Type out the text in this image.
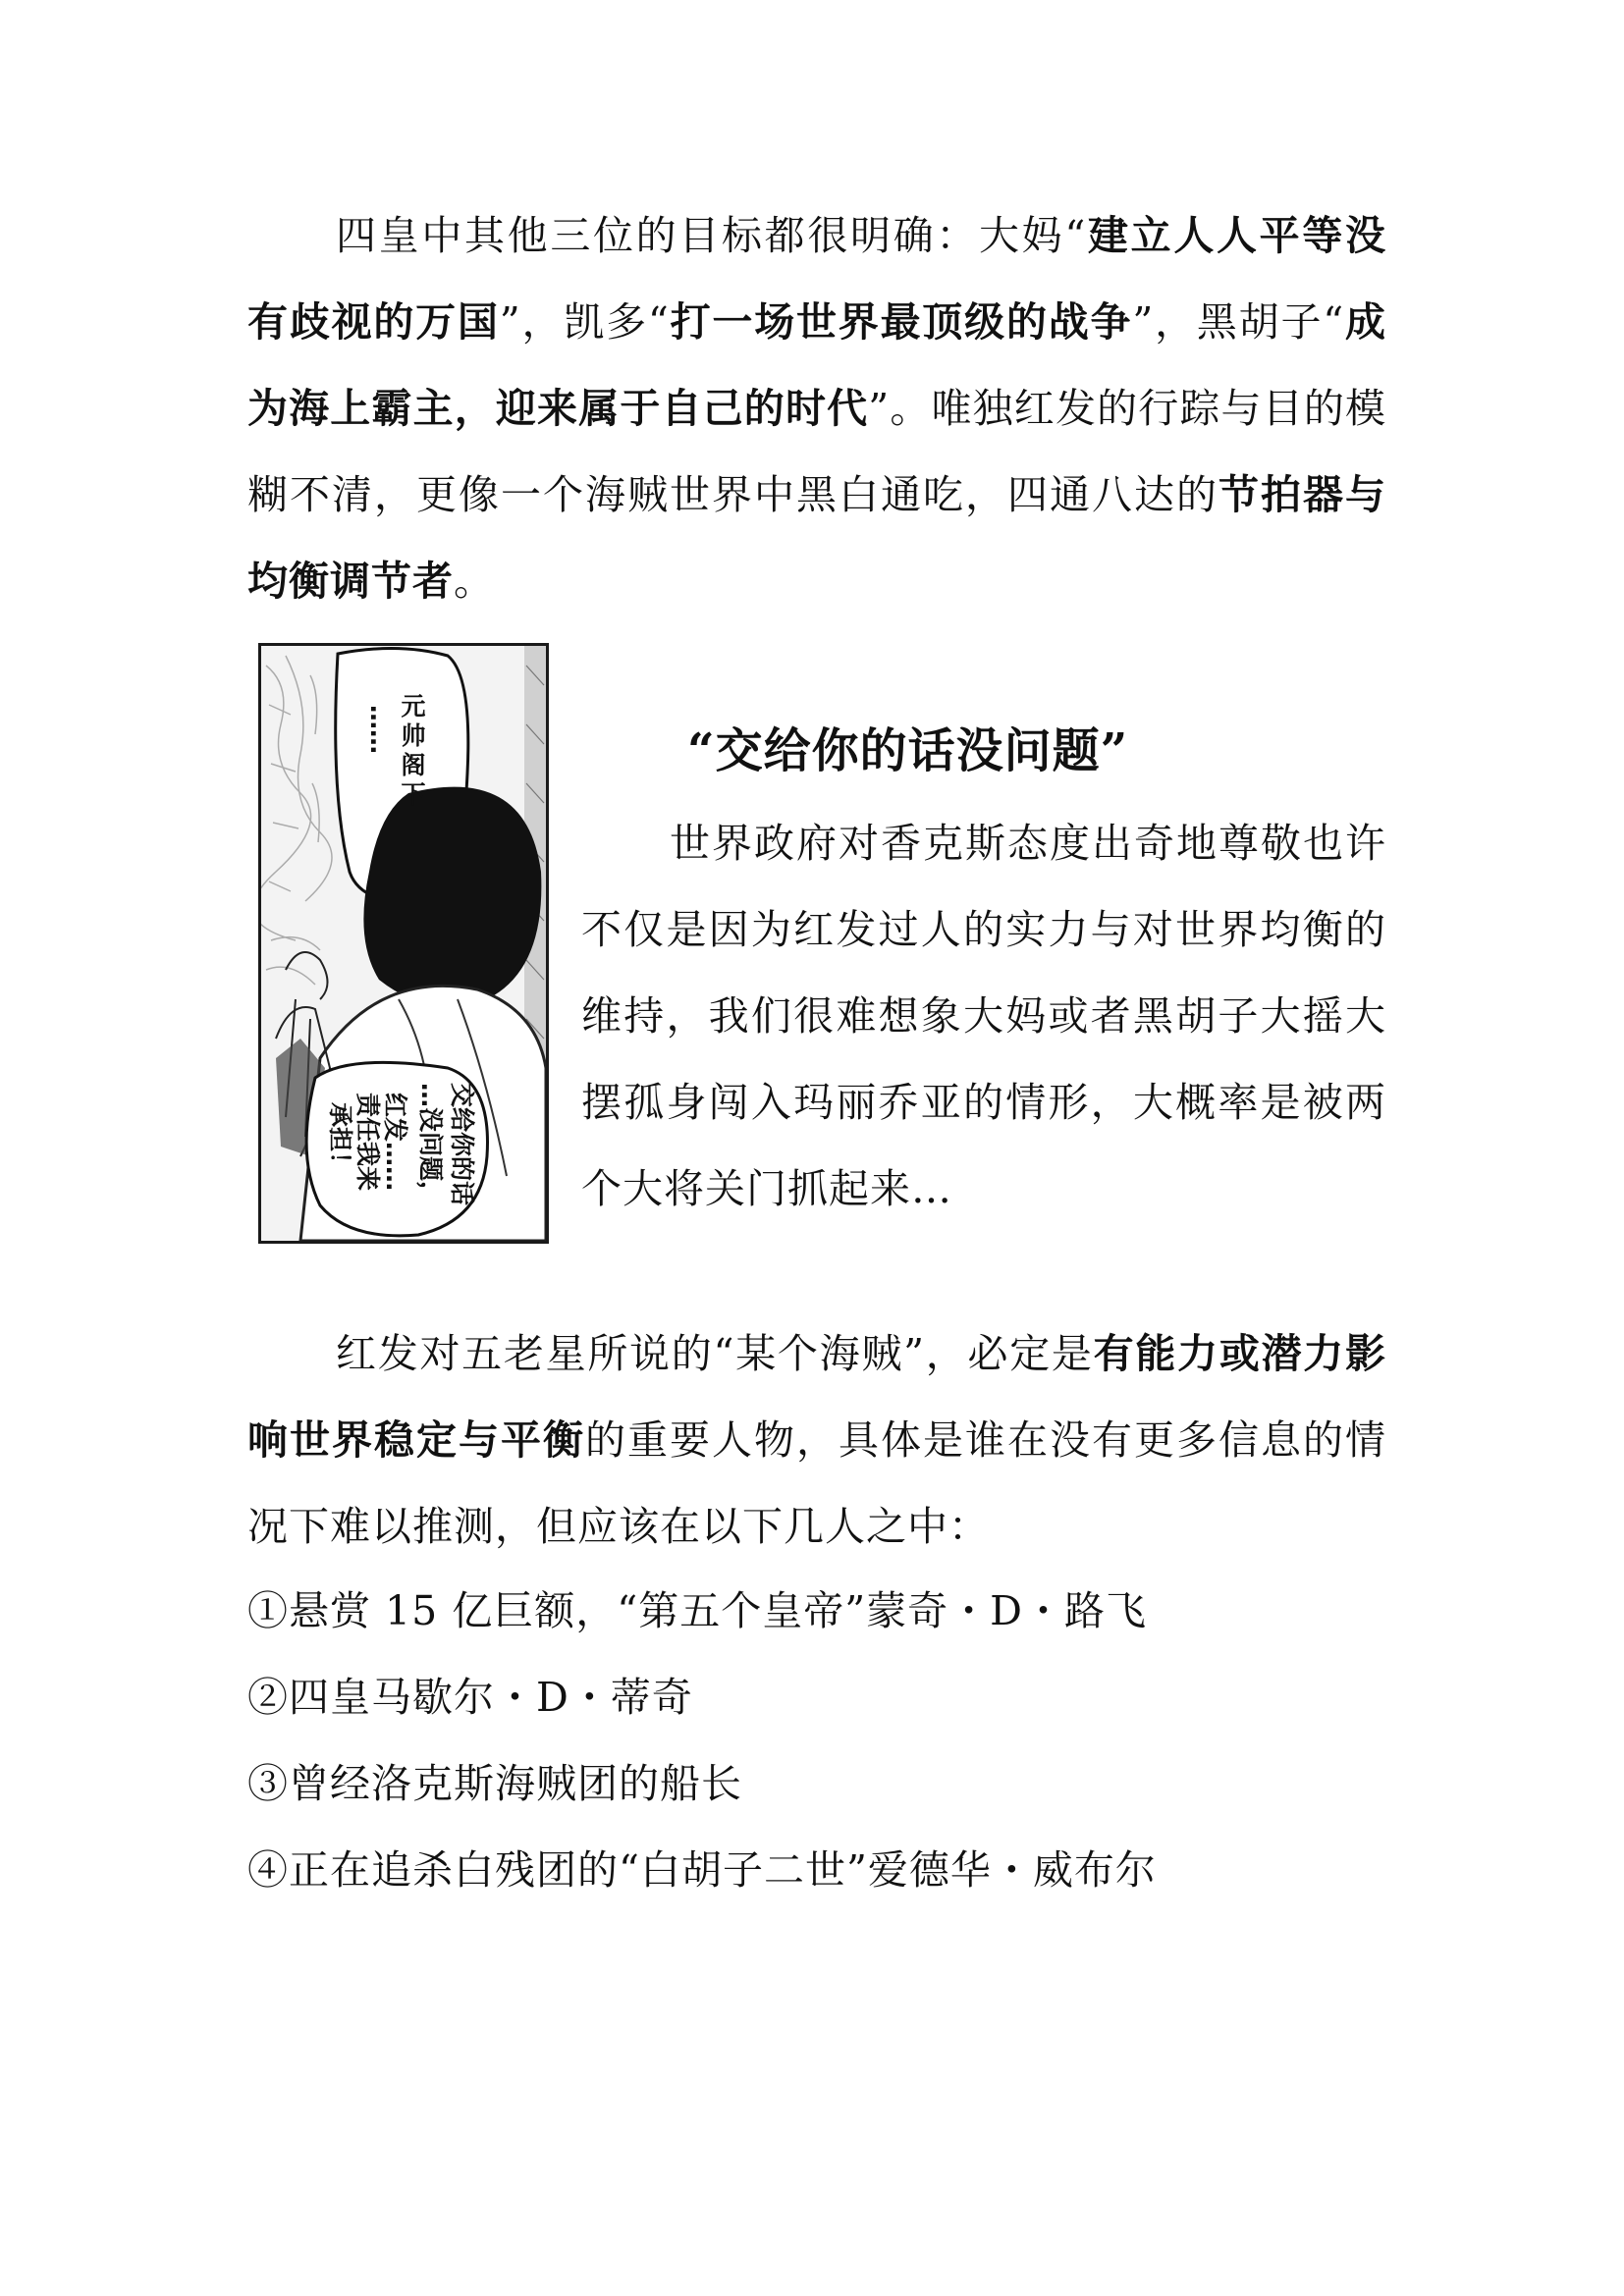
四皇中其他三位的目标都很明确：大妈“建立人人平等没有歧视的万国”，凯多“打一场世界最顶级的战争”，黑胡子“成为海上霸主，迎来属于自己的时代”。唯独红发的行踪与目的模糊不清，更像一个海贼世界中黑白通吃，四通八达的节拍器与均衡调节者。

元
帅
阁
下
……
交给你的话
…没问题，
红发……
责任我来
承担！
“交给你的话没问题”

世界政府对香克斯态度出奇地尊敬也许不仅是因为红发过人的实力与对世界均衡的维持，我们很难想象大妈或者黑胡子大摇大摆孤身闯入玛丽乔亚的情形，大概率是被两个大将关门抓起来…

红发对五老星所说的“某个海贼”，必定是有能力或潜力影响世界稳定与平衡的重要人物，具体是谁在没有更多信息的情况下难以推测，但应该在以下几人之中：

①悬赏 15 亿巨额，“第五个皇帝”蒙奇・D・路飞
②四皇马歇尔・D・蒂奇
③曾经洛克斯海贼团的船长
④正在追杀白残团的“白胡子二世”爱德华・威布尔
